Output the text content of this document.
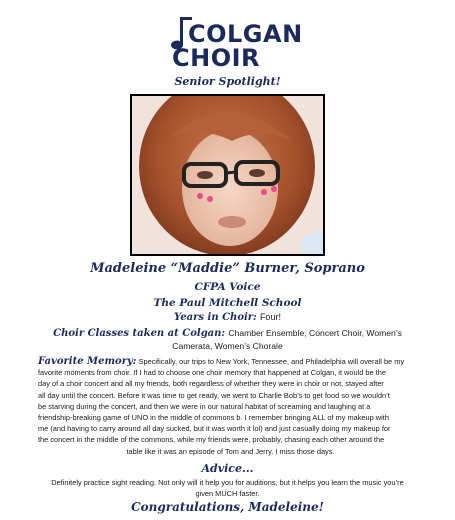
COLGAN
CHOIR
Senior Spotlight!
Madeleine “Maddie” Burner, Soprano
CFPA Voice
The Paul Mitchell School
Years in Choir: Four!
Choir Classes taken at Colgan: Chamber Ensemble, Concert Choir, Women’s
Camerata, Women’s Chorale
Favorite Memory: Specifically, our trips to New York, Tennessee, and Philadelphia will overall be my
favorite moments from choir. If I had to choose one choir memory that happened at Colgan, it would be the
day of a choir concert and all my friends, both regardless of whether they were in choir or not, stayed after
all day until the concert. Before it was time to get ready, we went to Charlie Bob’s to get food so we wouldn’t
be starving during the concert, and then we were in our natural habitat of screaming and laughing at a
friendship-breaking game of UNO in the middle of commons b. I remember bringing ALL of my makeup with
me (and having to carry around all day sucked, but it was worth it lol) and just casually doing my makeup for
the concert in the middle of the commons, while my friends were, probably, chasing each other around the
table like it was an episode of Tom and Jerry. I miss those days.
Advice...
Definitely practice sight reading. Not only will it help you for auditions, but it helps you learn the music you’re
given MUCH faster.
Congratulations, Madeleine!
